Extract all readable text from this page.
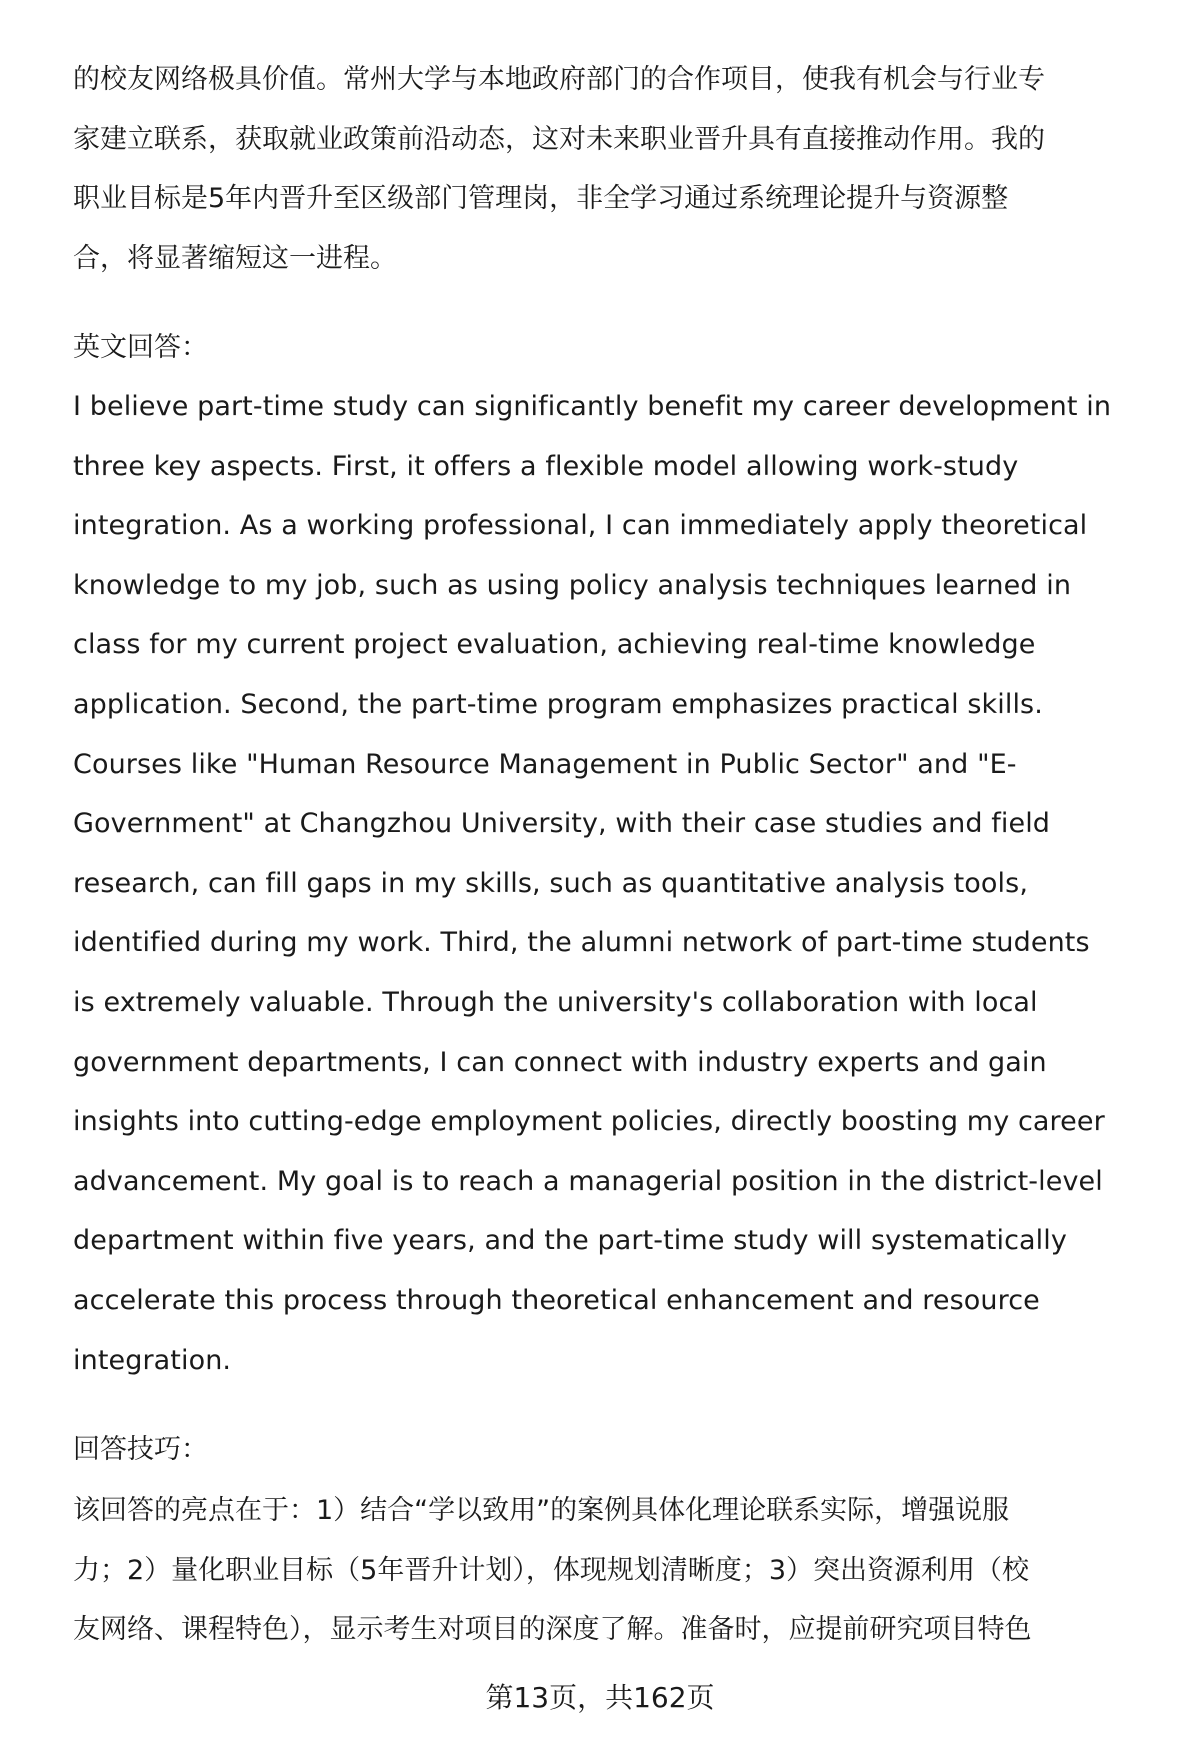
的校友网络极具价值。常州大学与本地政府部门的合作项目，使我有机会与行业专
家建立联系，获取就业政策前沿动态，这对未来职业晋升具有直接推动作用。我的
职业目标是5年内晋升至区级部门管理岗，非全学习通过系统理论提升与资源整
合，将显著缩短这一进程。
英文回答：
I believe part-time study can significantly benefit my career development in
three key aspects. First, it offers a flexible model allowing work-study
integration. As a working professional, I can immediately apply theoretical
knowledge to my job, such as using policy analysis techniques learned in
class for my current project evaluation, achieving real-time knowledge
application. Second, the part-time program emphasizes practical skills.
Courses like "Human Resource Management in Public Sector" and "E-
Government" at Changzhou University, with their case studies and field
research, can fill gaps in my skills, such as quantitative analysis tools,
identified during my work. Third, the alumni network of part-time students
is extremely valuable. Through the university's collaboration with local
government departments, I can connect with industry experts and gain
insights into cutting-edge employment policies, directly boosting my career
advancement. My goal is to reach a managerial position in the district-level
department within five years, and the part-time study will systematically
accelerate this process through theoretical enhancement and resource
integration.
回答技巧：
该回答的亮点在于：1）结合“学以致用”的案例具体化理论联系实际，增强说服
力；2）量化职业目标（5年晋升计划），体现规划清晰度；3）突出资源利用（校
友网络、课程特色），显示考生对项目的深度了解。准备时，应提前研究项目特色
第13页，共162页
